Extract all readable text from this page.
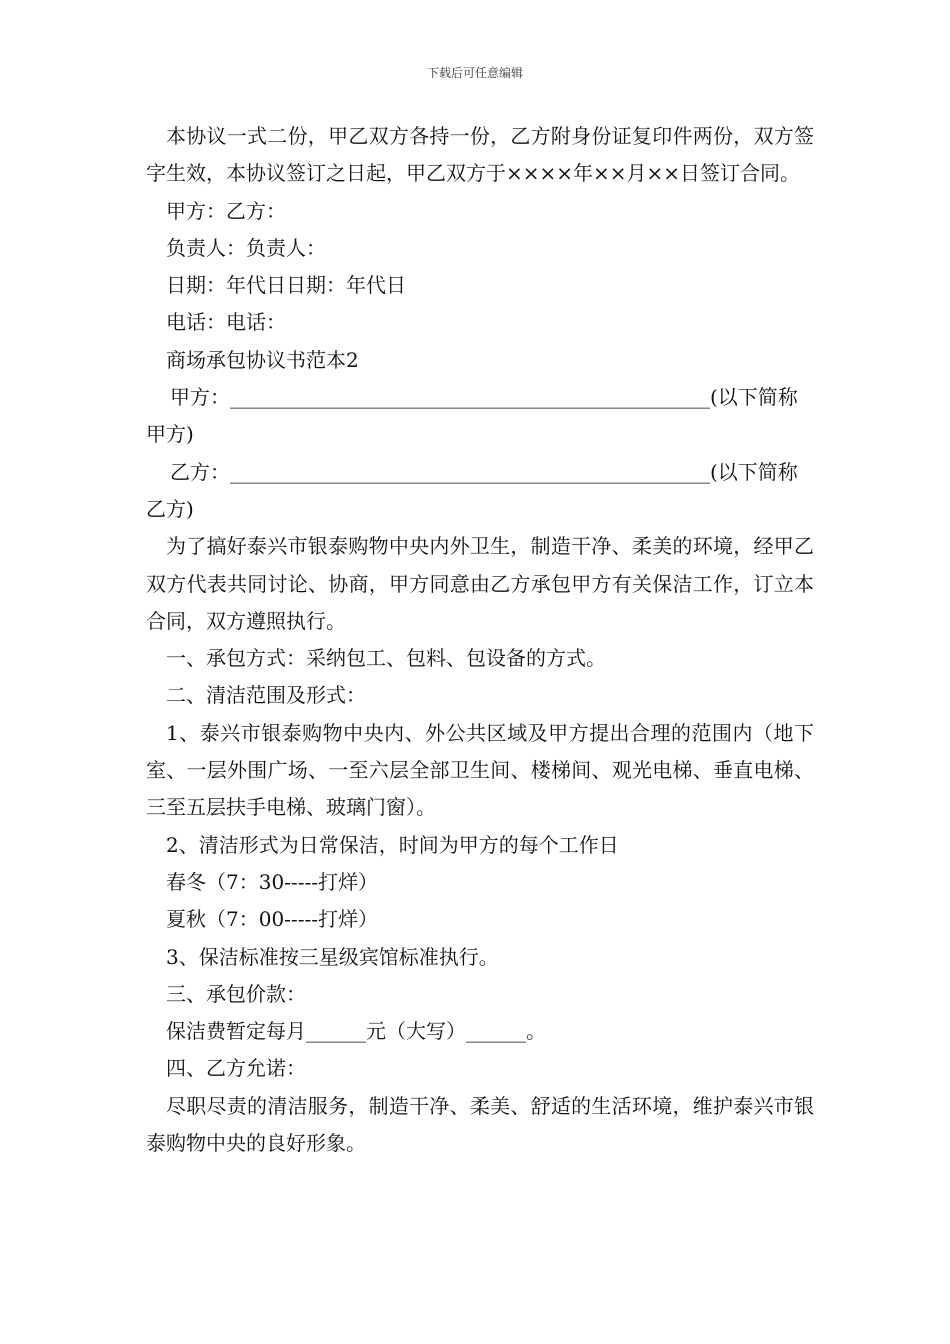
下载后可任意编辑

本协议一式二份，甲乙双方各持一份，乙方附身份证复印件两份，双方签字生效，本协议签订之日起，甲乙双方于××××年××月××日签订合同。

甲方：乙方：

负责人：负责人：

日期：年代日日期：年代日

电话：电话：

商场承包协议书范本2

甲方：________________________________________________(以下简称甲方)

乙方：________________________________________________(以下简称乙方)

为了搞好泰兴市银泰购物中央内外卫生，制造干净、柔美的环境，经甲乙双方代表共同讨论、协商，甲方同意由乙方承包甲方有关保洁工作，订立本合同，双方遵照执行。

一、承包方式：采纳包工、包料、包设备的方式。

二、清洁范围及形式：

1、泰兴市银泰购物中央内、外公共区域及甲方提出合理的范围内（地下室、一层外围广场、一至六层全部卫生间、楼梯间、观光电梯、垂直电梯、三至五层扶手电梯、玻璃门窗）。

2、清洁形式为日常保洁，时间为甲方的每个工作日

春冬（7：30-----打烊）

夏秋（7：00-----打烊）

3、保洁标准按三星级宾馆标准执行。

三、承包价款：

保洁费暂定每月______元（大写）______。

四、乙方允诺：

尽职尽责的清洁服务，制造干净、柔美、舒适的生活环境，维护泰兴市银泰购物中央的良好形象。
